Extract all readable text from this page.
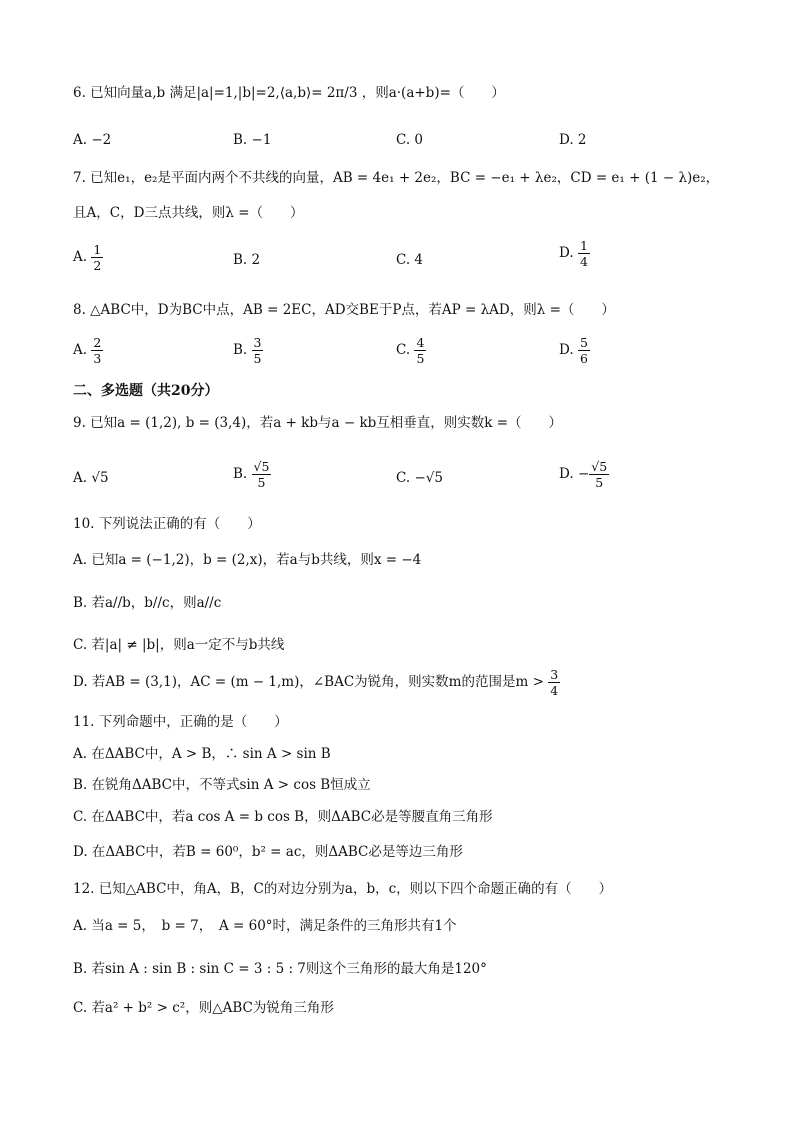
6. 已知向量a,b 满足|a|=1,|b|=2,⟨a,b⟩= 2π/3 ，则a·(a+b)=（　　）
A. −2	B. −1	C. 0	D. 2
7. 已知e₁，e₂是平面内两个不共线的向量，AB = 4e₁ + 2e₂，BC = −e₁ + λe₂，CD = e₁ + (1 − λ)e₂，
且A，C，D三点共线，则λ =（　　）
A. $\frac{1}{2}$	B. 2	C. 4	D. $\frac{1}{4}$
8. △ABC中，D为BC中点，AB = 2EC，AD交BE于P点，若AP = λAD，则λ =（　　）
A. $\frac{2}{3}$	B. $\frac{3}{5}$	C. $\frac{4}{5}$	D. $\frac{5}{6}$
二、多选题（共20分）
9. 已知a = (1,2), b = (3,4)，若a + kb与a − kb互相垂直，则实数k =（　　）
A. √5	B. $\frac{√5}{5}$	C. −√5	D. − $\frac{√5}{5}$
10. 下列说法正确的有（　　）
A. 已知a = (−1,2)，b = (2,x)，若a与b共线，则x = −4
B. 若a//b，b//c，则a//c
C. 若|a| ≠ |b|，则a一定不与b共线
D. 若AB = (3,1)，AC = (m − 1,m)，∠BAC为锐角，则实数m的范围是$m > \frac{3}{4}$
11. 下列命题中，正确的是（　　）
A. 在ΔABC中，A > B，∴ sin A > sin B
B. 在锐角ΔABC中，不等式sin A > cos B恒成立
C. 在ΔABC中，若a cos A = b cos B，则ΔABC必是等腰直角三角形
D. 在ΔABC中，若B = 60⁰，b² = ac，则ΔABC必是等边三角形
12. 已知△ABC中，角A，B，C的对边分别为a，b，c，则以下四个命题正确的有（　　）
A. 当a = 5，　b = 7，　A = 60°时，满足条件的三角形共有1个
B. 若sin A : sin B : sin C = 3 : 5 : 7则这个三角形的最大角是120°
C. 若a² + b² > c²，则△ABC为锐角三角形
